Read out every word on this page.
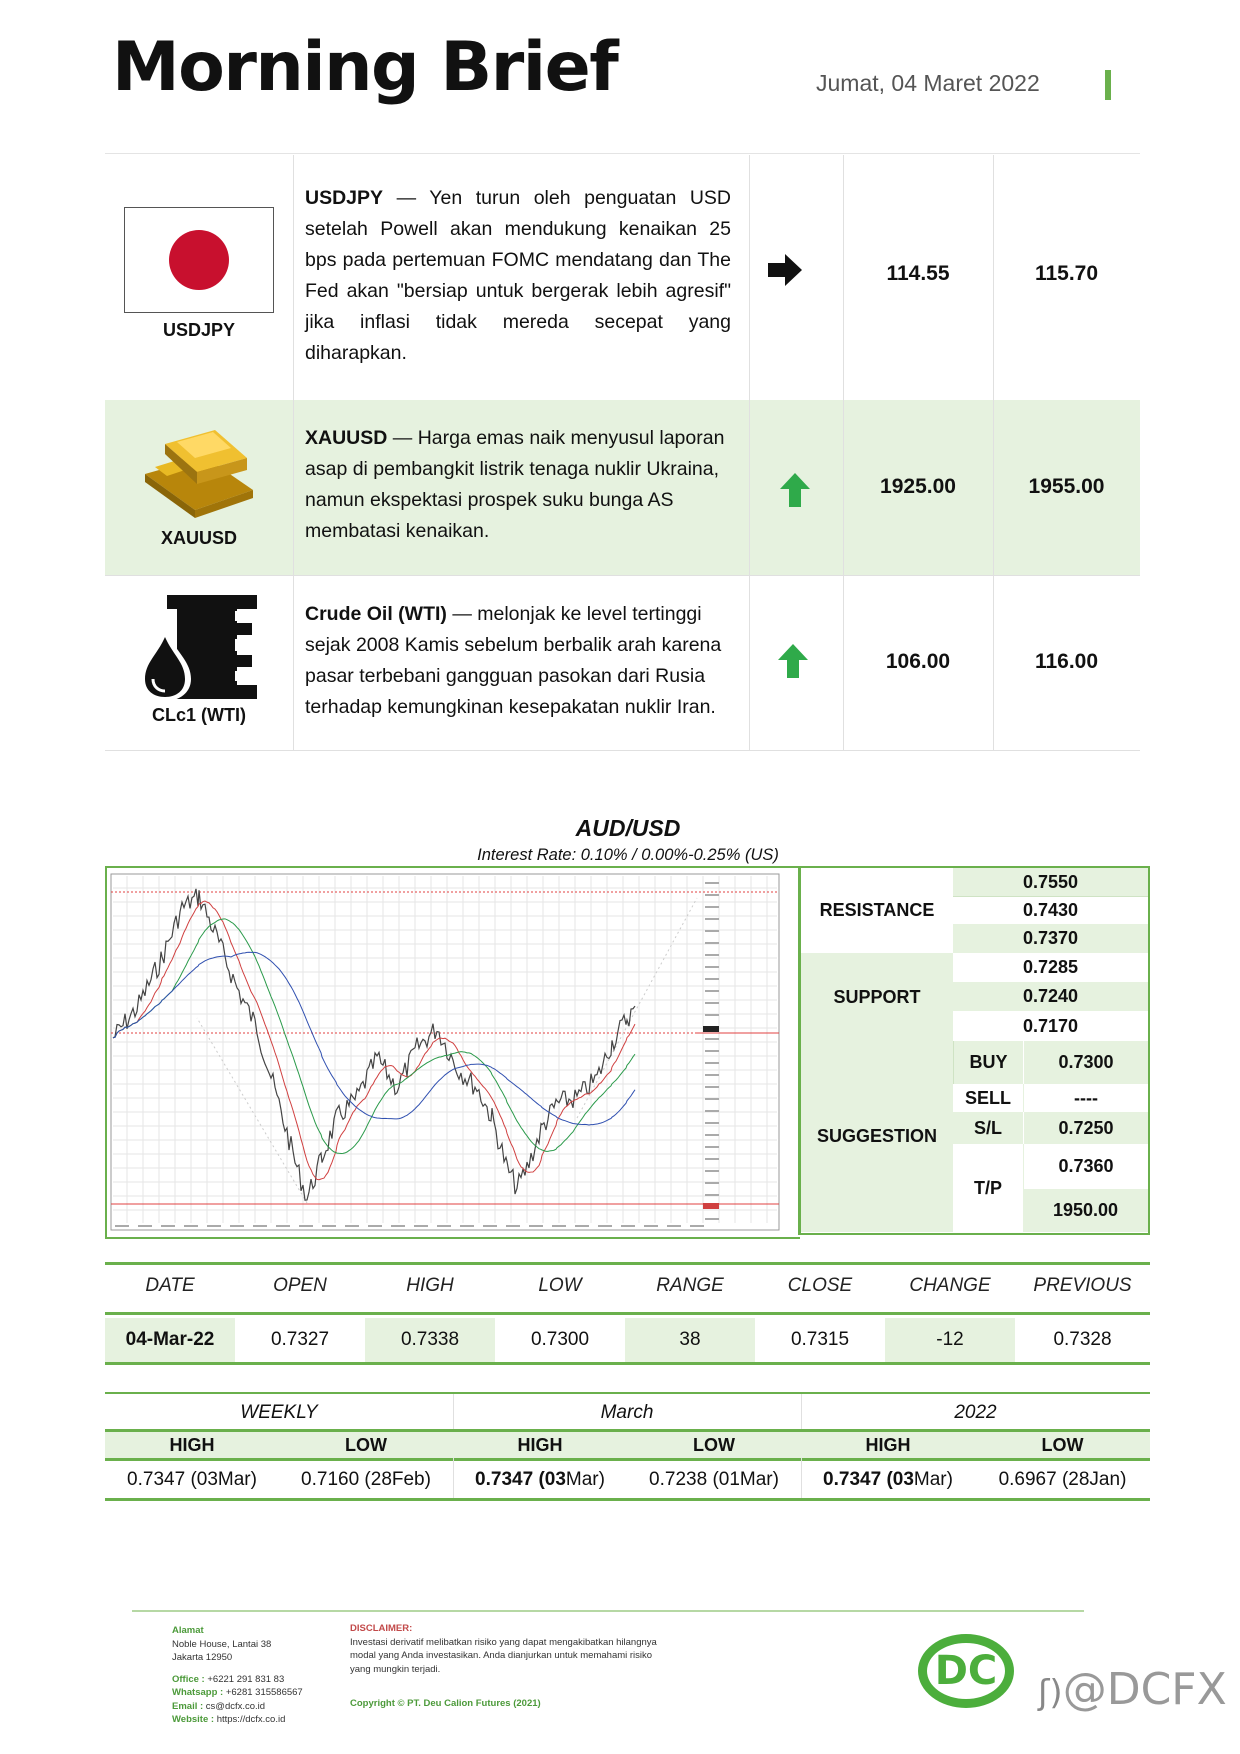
Morning Brief	Jumat, 04 Maret 2022
USDJPY
USDJPY — Yen turun oleh penguatan USD setelah Powell akan mendukung kenaikan 25 bps pada pertemuan FOMC mendatang dan The Fed akan "bersiap untuk bergerak lebih agresif" jika inflasi tidak mereda secepat yang diharapkan.
114.55	115.70
XAUUSD
XAUUSD — Harga emas naik menyusul laporan asap di pembangkit listrik tenaga nuklir Ukraina, namun ekspektasi prospek suku bunga AS membatasi kenaikan.
1925.00	1955.00
CLc1 (WTI)
Crude Oil (WTI) — melonjak ke level tertinggi sejak 2008 Kamis sebelum berbalik arah karena pasar terbebani gangguan pasokan dari Rusia terhadap kemungkinan kesepakatan nuklir Iran.
106.00	116.00
AUD/USD
Interest Rate: 0.10% / 0.00%-0.25% (US)
RESISTANCE
0.7550
0.7430
0.7370
SUPPORT
0.7285
0.7240
0.7170
SUGGESTION
BUY	0.7300
SELL	----
S/L	0.7250
T/P
0.7360
1950.00
DATE	OPEN	HIGH	LOW	RANGE	CLOSE	CHANGE	PREVIOUS
04-Mar-22	0.7327	0.7338	0.7300	38	0.7315	-12	0.7328
WEEKLY	March	2022
HIGH	LOW	HIGH	LOW	HIGH	LOW
0.7347 (03Mar)	0.7160 (28Feb)	0.7347 (03Mar)	0.7238 (01Mar)	0.7347 (03Mar)	0.6967 (28Jan)
Alamat
Noble House, Lantai 38
Jakarta 12950
Office : +6221 291 831 83
Whatsapp : +6281 315586567
Email : cs@dcfx.co.id
Website : https://dcfx.co.id
DISCLAIMER:
Investasi derivatif melibatkan risiko yang dapat mengakibatkan hilangnya modal yang Anda investasikan. Anda dianjurkan untuk memahami risiko yang mungkin terjadi.
Copyright © PT. Deu Calion Futures (2021)
DC	ʃ)@DCFX
